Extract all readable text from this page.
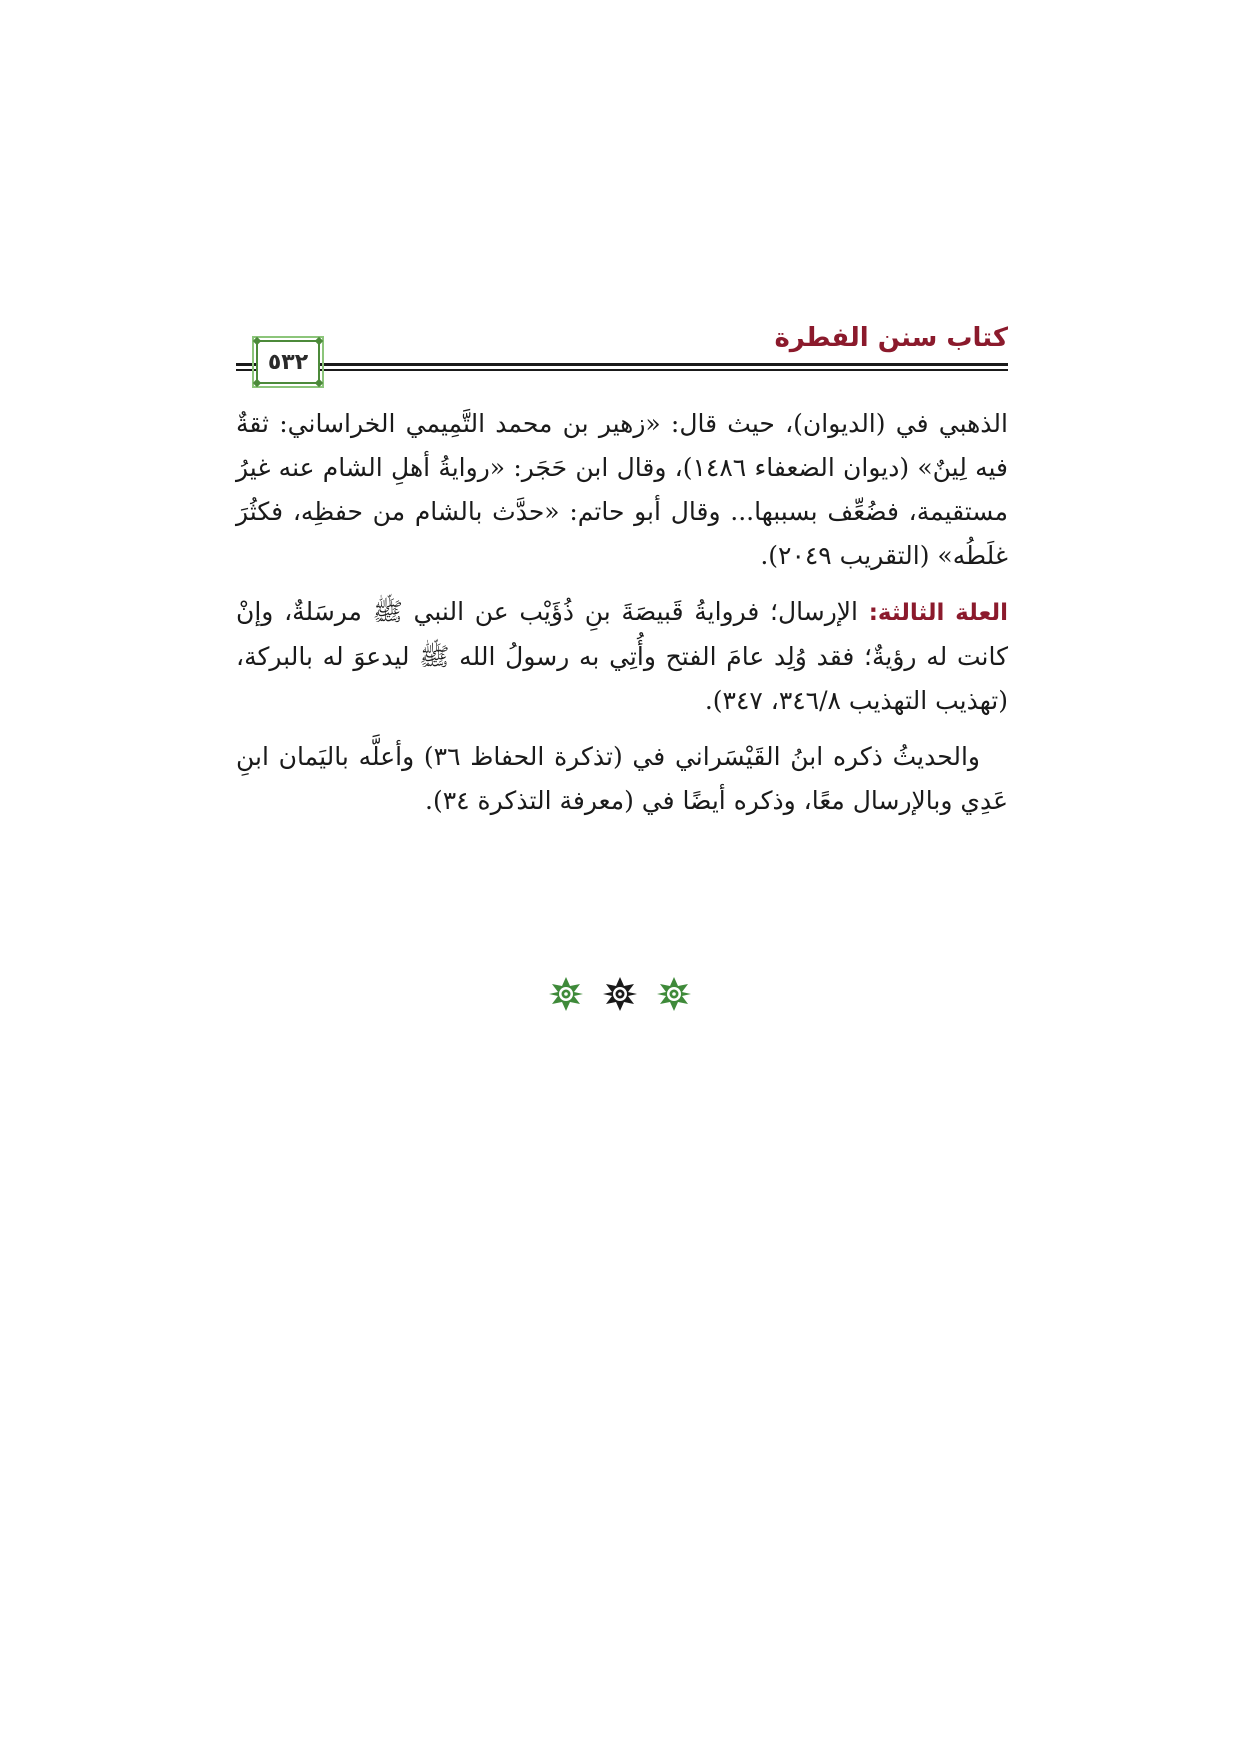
كتاب سنن الفطرة
٥٣٢

الذهبي في (الديوان)، حيث قال: «زهير بن محمد التَّمِيمي الخراساني: ثقةٌ فيه لِينٌ» (ديوان الضعفاء ١٤٨٦)، وقال ابن حَجَر: «روايةُ أهلِ الشام عنه غيرُ مستقيمة، فضُعِّف بسببها... وقال أبو حاتم: «حدَّث بالشام من حفظِه، فكثُرَ غلَطُه» (التقريب ٢٠٤٩).

العلة الثالثة: الإرسال؛ فروايةُ قَبيصَةَ بنِ ذُؤَيْب عن النبي ﷺ مرسَلةٌ، وإنْ كانت له رؤيةٌ؛ فقد وُلِد عامَ الفتح وأُتِي به رسولُ الله ﷺ ليدعوَ له بالبركة، (تهذيب التهذيب ٣٤٦/٨، ٣٤٧).

والحديثُ ذكره ابنُ القَيْسَراني في (تذكرة الحفاظ ٣٦) وأعلَّه باليَمان ابنِ عَدِي وبالإرسال معًا، وذكره أيضًا في (معرفة التذكرة ٣٤).
